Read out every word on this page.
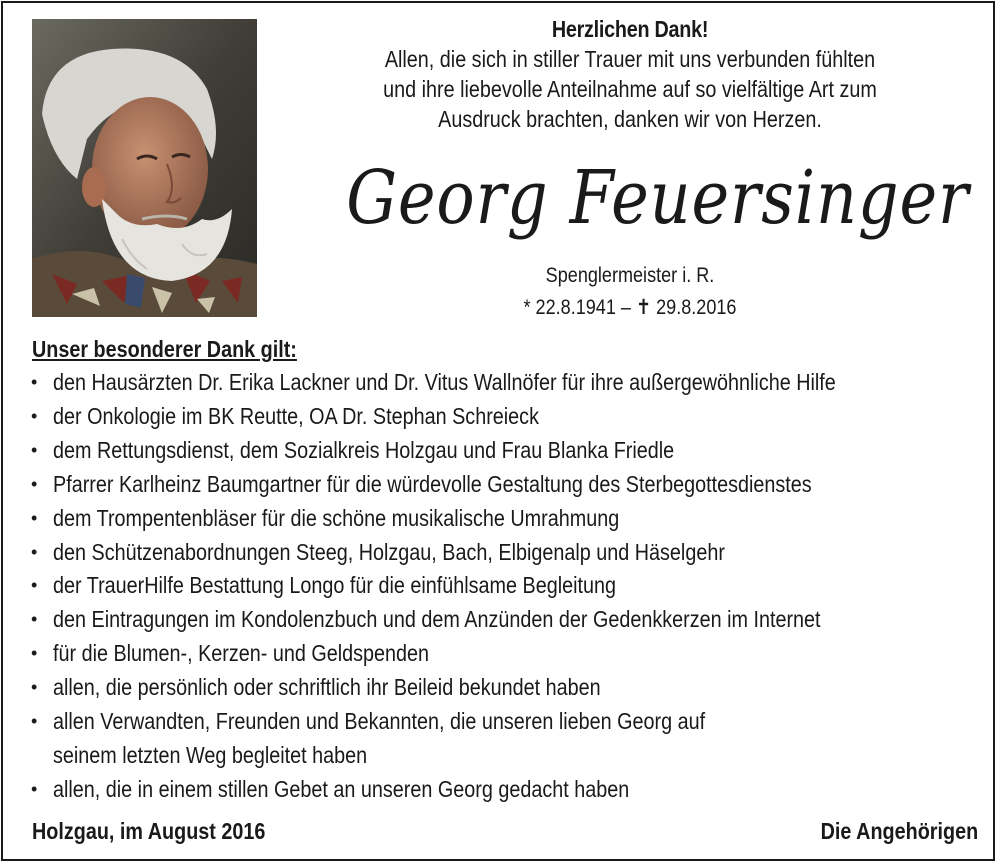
Herzlichen Dank!
Allen, die sich in stiller Trauer mit uns verbunden fühlten
und ihre liebevolle Anteilnahme auf so vielfältige Art zum
Ausdruck brachten, danken wir von Herzen.
Georg Feuersinger
Spenglermeister i. R.
* 22.8.1941 – ✝ 29.8.2016
Unser besonderer Dank gilt:
• den Hausärzten Dr. Erika Lackner und Dr. Vitus Wallnöfer für ihre außergewöhnliche Hilfe
• der Onkologie im BK Reutte, OA Dr. Stephan Schreieck
• dem Rettungsdienst, dem Sozialkreis Holzgau und Frau Blanka Friedle
• Pfarrer Karlheinz Baumgartner für die würdevolle Gestaltung des Sterbegottesdienstes
• dem Trompentenbläser für die schöne musikalische Umrahmung
• den Schützenabordnungen Steeg, Holzgau, Bach, Elbigenalp und Häselgehr
• der TrauerHilfe Bestattung Longo für die einfühlsame Begleitung
• den Eintragungen im Kondolenzbuch und dem Anzünden der Gedenkkerzen im Internet
• für die Blumen-, Kerzen- und Geldspenden
• allen, die persönlich oder schriftlich ihr Beileid bekundet haben
• allen Verwandten, Freunden und Bekannten, die unseren lieben Georg auf
seinem letzten Weg begleitet haben
• allen, die in einem stillen Gebet an unseren Georg gedacht haben
Holzgau, im August 2016	Die Angehörigen
